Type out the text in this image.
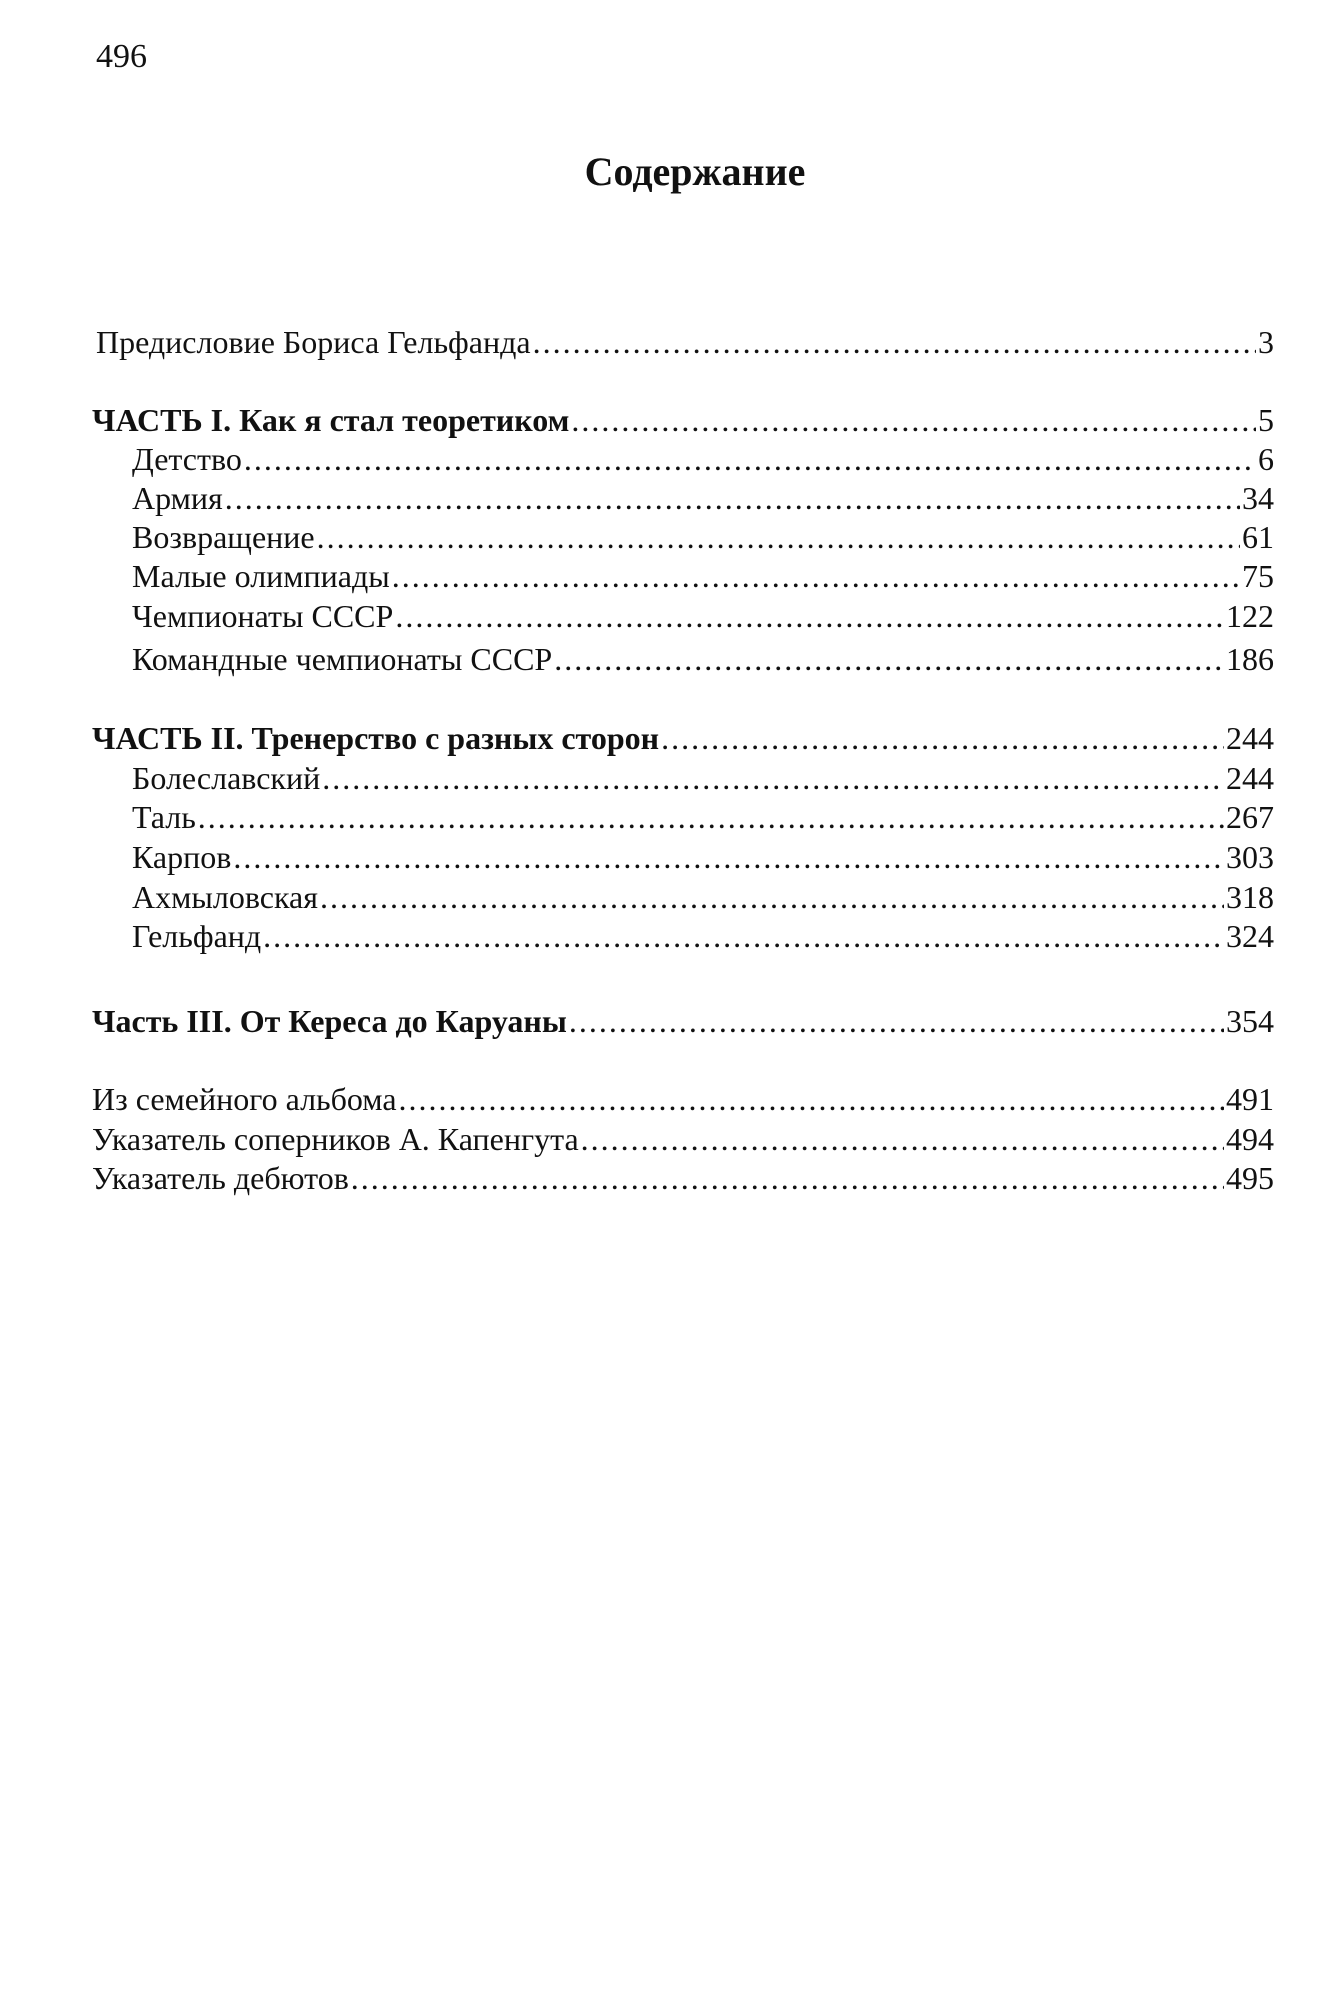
496
Содержание
Предисловие Бориса Гельфанда .....	3
ЧАСТЬ I. Как я стал теоретиком .....	5
Детство .....	6
Армия .....	34
Возвращение .....	61
Малые олимпиады .....	75
Чемпионаты СССР .....	122
Командные чемпионаты СССР .....	186
ЧАСТЬ II. Тренерство с разных сторон .....	244
Болеславский .....	244
Таль .....	267
Карпов .....	303
Ахмыловская .....	318
Гельфанд .....	324
Часть III. От Кереса до Каруаны .....	354
Из семейного альбома .....	491
Указатель соперников А. Капенгута .....	494
Указатель дебютов .....	495
